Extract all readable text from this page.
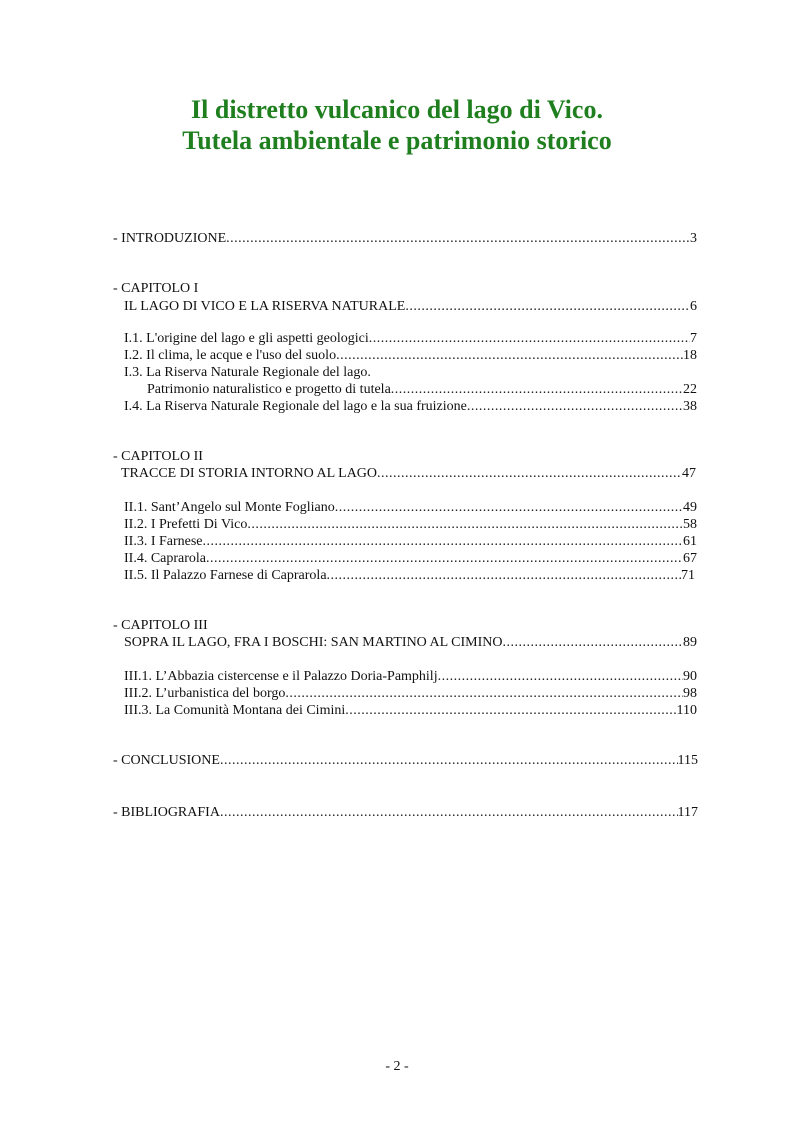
Il distretto vulcanico del lago di Vico.
Tutela ambientale e patrimonio storico
- INTRODUZIONE .....	3
- CAPITOLO I
IL LAGO DI VICO E LA RISERVA NATURALE .....	6
I.1. L'origine del lago e gli aspetti geologici .....	7
I.2. Il clima, le acque e l'uso del suolo .....	18
I.3. La Riserva Naturale Regionale del lago.
Patrimonio naturalistico e progetto di tutela .....	22
I.4. La Riserva Naturale Regionale del lago e la sua fruizione .....	38
- CAPITOLO II
TRACCE DI STORIA INTORNO AL LAGO .....	47
II.1. Sant’Angelo sul Monte Fogliano .....	49
II.2. I Prefetti Di Vico .....	58
II.3. I Farnese .....	61
II.4. Caprarola .....	67
II.5. Il Palazzo Farnese di Caprarola .....	71
- CAPITOLO III
SOPRA IL LAGO, FRA I BOSCHI: SAN MARTINO AL CIMINO .....	89
III.1. L’Abbazia cistercense e il Palazzo Doria-Pamphilj .....	90
III.2. L’urbanistica del borgo .....	98
III.3. La Comunità Montana dei Cimini .....	110
- CONCLUSIONE .....	115
- BIBLIOGRAFIA .....	117
- 2 -
